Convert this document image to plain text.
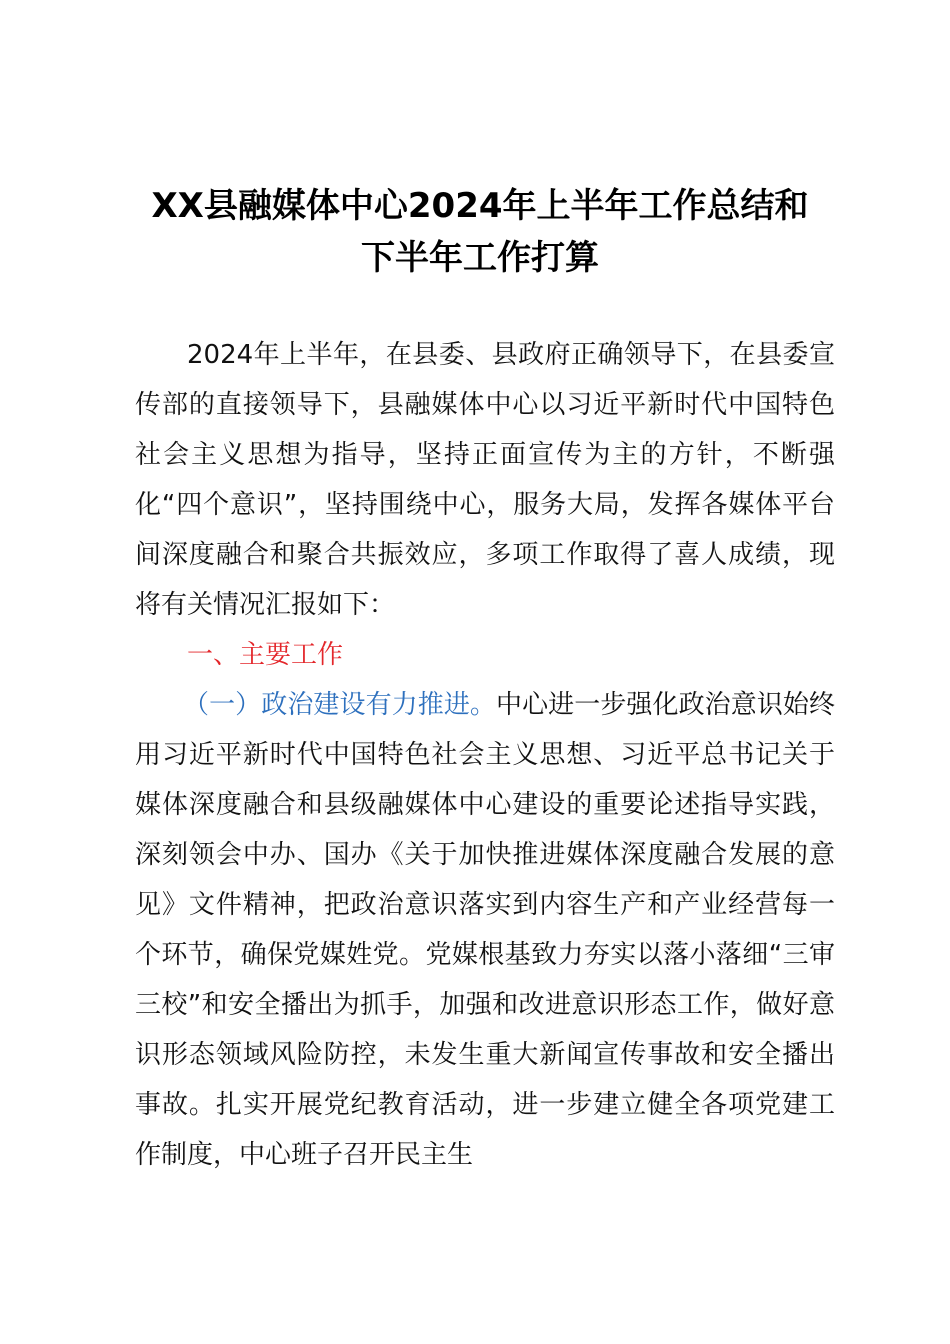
XX县融媒体中心2024年上半年工作总结和
下半年工作打算

2024年上半年，在县委、县政府正确领导下，在县委宣传部的直接领导下，县融媒体中心以习近平新时代中国特色社会主义思想为指导，坚持正面宣传为主的方针，不断强化“四个意识”，坚持围绕中心，服务大局，发挥各媒体平台间深度融合和聚合共振效应，多项工作取得了喜人成绩，现将有关情况汇报如下：

一、主要工作

（一）政治建设有力推进。中心进一步强化政治意识始终用习近平新时代中国特色社会主义思想、习近平总书记关于媒体深度融合和县级融媒体中心建设的重要论述指导实践，深刻领会中办、国办《关于加快推进媒体深度融合发展的意见》文件精神，把政治意识落实到内容生产和产业经营每一个环节，确保党媒姓党。党媒根基致力夯实以落小落细“三审三校”和安全播出为抓手，加强和改进意识形态工作，做好意识形态领域风险防控，未发生重大新闻宣传事故和安全播出事故。扎实开展党纪教育活动，进一步建立健全各项党建工作制度，中心班子召开民主生
